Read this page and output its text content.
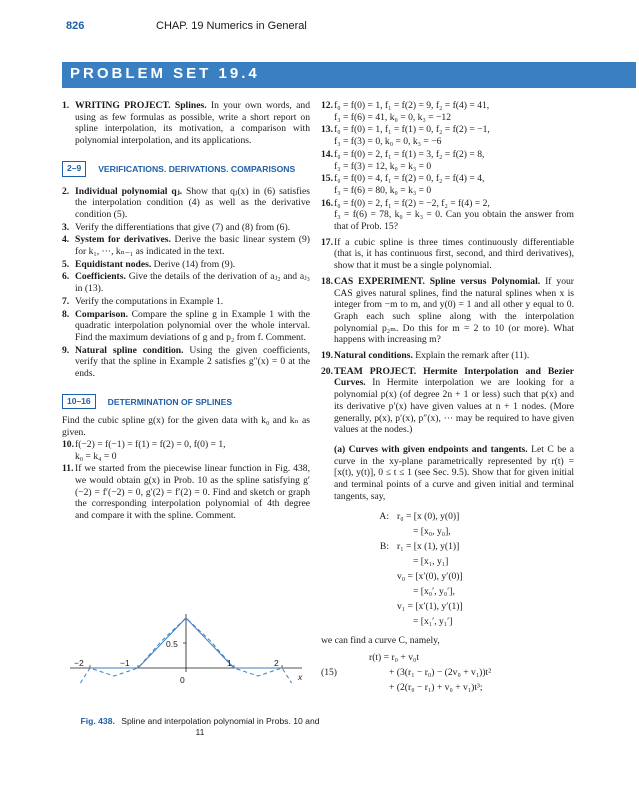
826	CHAP. 19 Numerics in General
PROBLEM SET 19.4
1. WRITING PROJECT. Splines. In your own words, and using as few formulas as possible, write a short report on spline interpolation, its motivation, a comparison with polynomial interpolation, and its applications.
2–9	VERIFICATIONS. DERIVATIONS. COMPARISONS
2. Individual polynomial qⱼ. Show that qⱼ(x) in (6) satisfies the interpolation condition (4) as well as the derivative condition (5).
3. Verify the differentiations that give (7) and (8) from (6).
4. System for derivatives. Derive the basic linear system (9) for k₁, ···, kₙ₋₁ as indicated in the text.
5. Equidistant nodes. Derive (14) from (9).
6. Coefficients. Give the details of the derivation of aⱼ₂ and aⱼ₃ in (13).
7. Verify the computations in Example 1.
8. Comparison. Compare the spline g in Example 1 with the quadratic interpolation polynomial over the whole interval. Find the maximum deviations of g and p₂ from f. Comment.
9. Natural spline condition. Using the given coefficients, verify that the spline in Example 2 satisfies g″(x) = 0 at the ends.
10–16	DETERMINATION OF SPLINES
Find the cubic spline g(x) for the given data with k₀ and kₙ as given.
10. f(−2) = f(−1) = f(1) = f(2) = 0, f(0) = 1,
k₀ = k₄ = 0
11. If we started from the piecewise linear function in Fig. 438, we would obtain g(x) in Prob. 10 as the spline satisfying g′(−2) = f′(−2) = 0, g′(2) = f′(2) = 0. Find and sketch or graph the corresponding interpolation polynomial of 4th degree and compare it with the spline. Comment.
−2	−1
0
1	2
0.5
x
Fig. 438. Spline and interpolation polynomial in Probs. 10 and 11
12. f₀ = f(0) = 1, f₁ = f(2) = 9, f₂ = f(4) = 41,
f₃ = f(6) = 41, k₀ = 0, k₃ = −12
13. f₀ = f(0) = 1, f₁ = f(1) = 0, f₂ = f(2) = −1,
f₃ = f(3) = 0, k₀ = 0, k₃ = −6
14. f₀ = f(0) = 2, f₁ = f(1) = 3, f₂ = f(2) = 8,
f₃ = f(3) = 12, k₀ = k₃ = 0
15. f₀ = f(0) = 4, f₁ = f(2) = 0, f₂ = f(4) = 4,
f₃ = f(6) = 80, k₀ = k₃ = 0
16. f₀ = f(0) = 2, f₁ = f(2) = −2, f₂ = f(4) = 2,
f₃ = f(6) = 78, k₀ = k₃ = 0. Can you obtain the answer from that of Prob. 15?
17. If a cubic spline is three times continuously differentiable (that is, it has continuous first, second, and third derivatives), show that it must be a single polynomial.
18. CAS EXPERIMENT. Spline versus Polynomial. If your CAS gives natural splines, find the natural splines when x is integer from −m to m, and y(0) = 1 and all other y equal to 0. Graph each such spline along with the interpolation polynomial p₂ₘ. Do this for m = 2 to 10 (or more). What happens with increasing m?
19. Natural conditions. Explain the remark after (11).
20. TEAM PROJECT. Hermite Interpolation and Bezier Curves. In Hermite interpolation we are looking for a polynomial p(x) (of degree 2n + 1 or less) such that p(x) and its derivative p′(x) have given values at n + 1 nodes. (More generally, p(x), p′(x), p″(x), ··· may be required to have given values at the nodes.)
(a) Curves with given endpoints and tangents. Let C be a curve in the xy-plane parametrically represented by r(t) = [x(t), y(t)], 0 ≤ t ≤ 1 (see Sec. 9.5). Show that for given initial and terminal points of a curve and given initial and terminal tangents, say,
A: r₀ = [x (0), y(0)]
= [x₀, y₀],
B: r₁ = [x (1), y(1)]
= [x₁, y₁]
v₀ = [x′(0), y′(0)]
= [x₀′, y₀′],
v₁ = [x′(1), y′(1)]
= [x₁′, y₁′]
we can find a curve C, namely,
r(t) = r₀ + v₀t
(15)	+ (3(r₁ − r₀) − (2v₀ + v₁))t²
+ (2(r₀ − r₁) + v₀ + v₁)t³;
